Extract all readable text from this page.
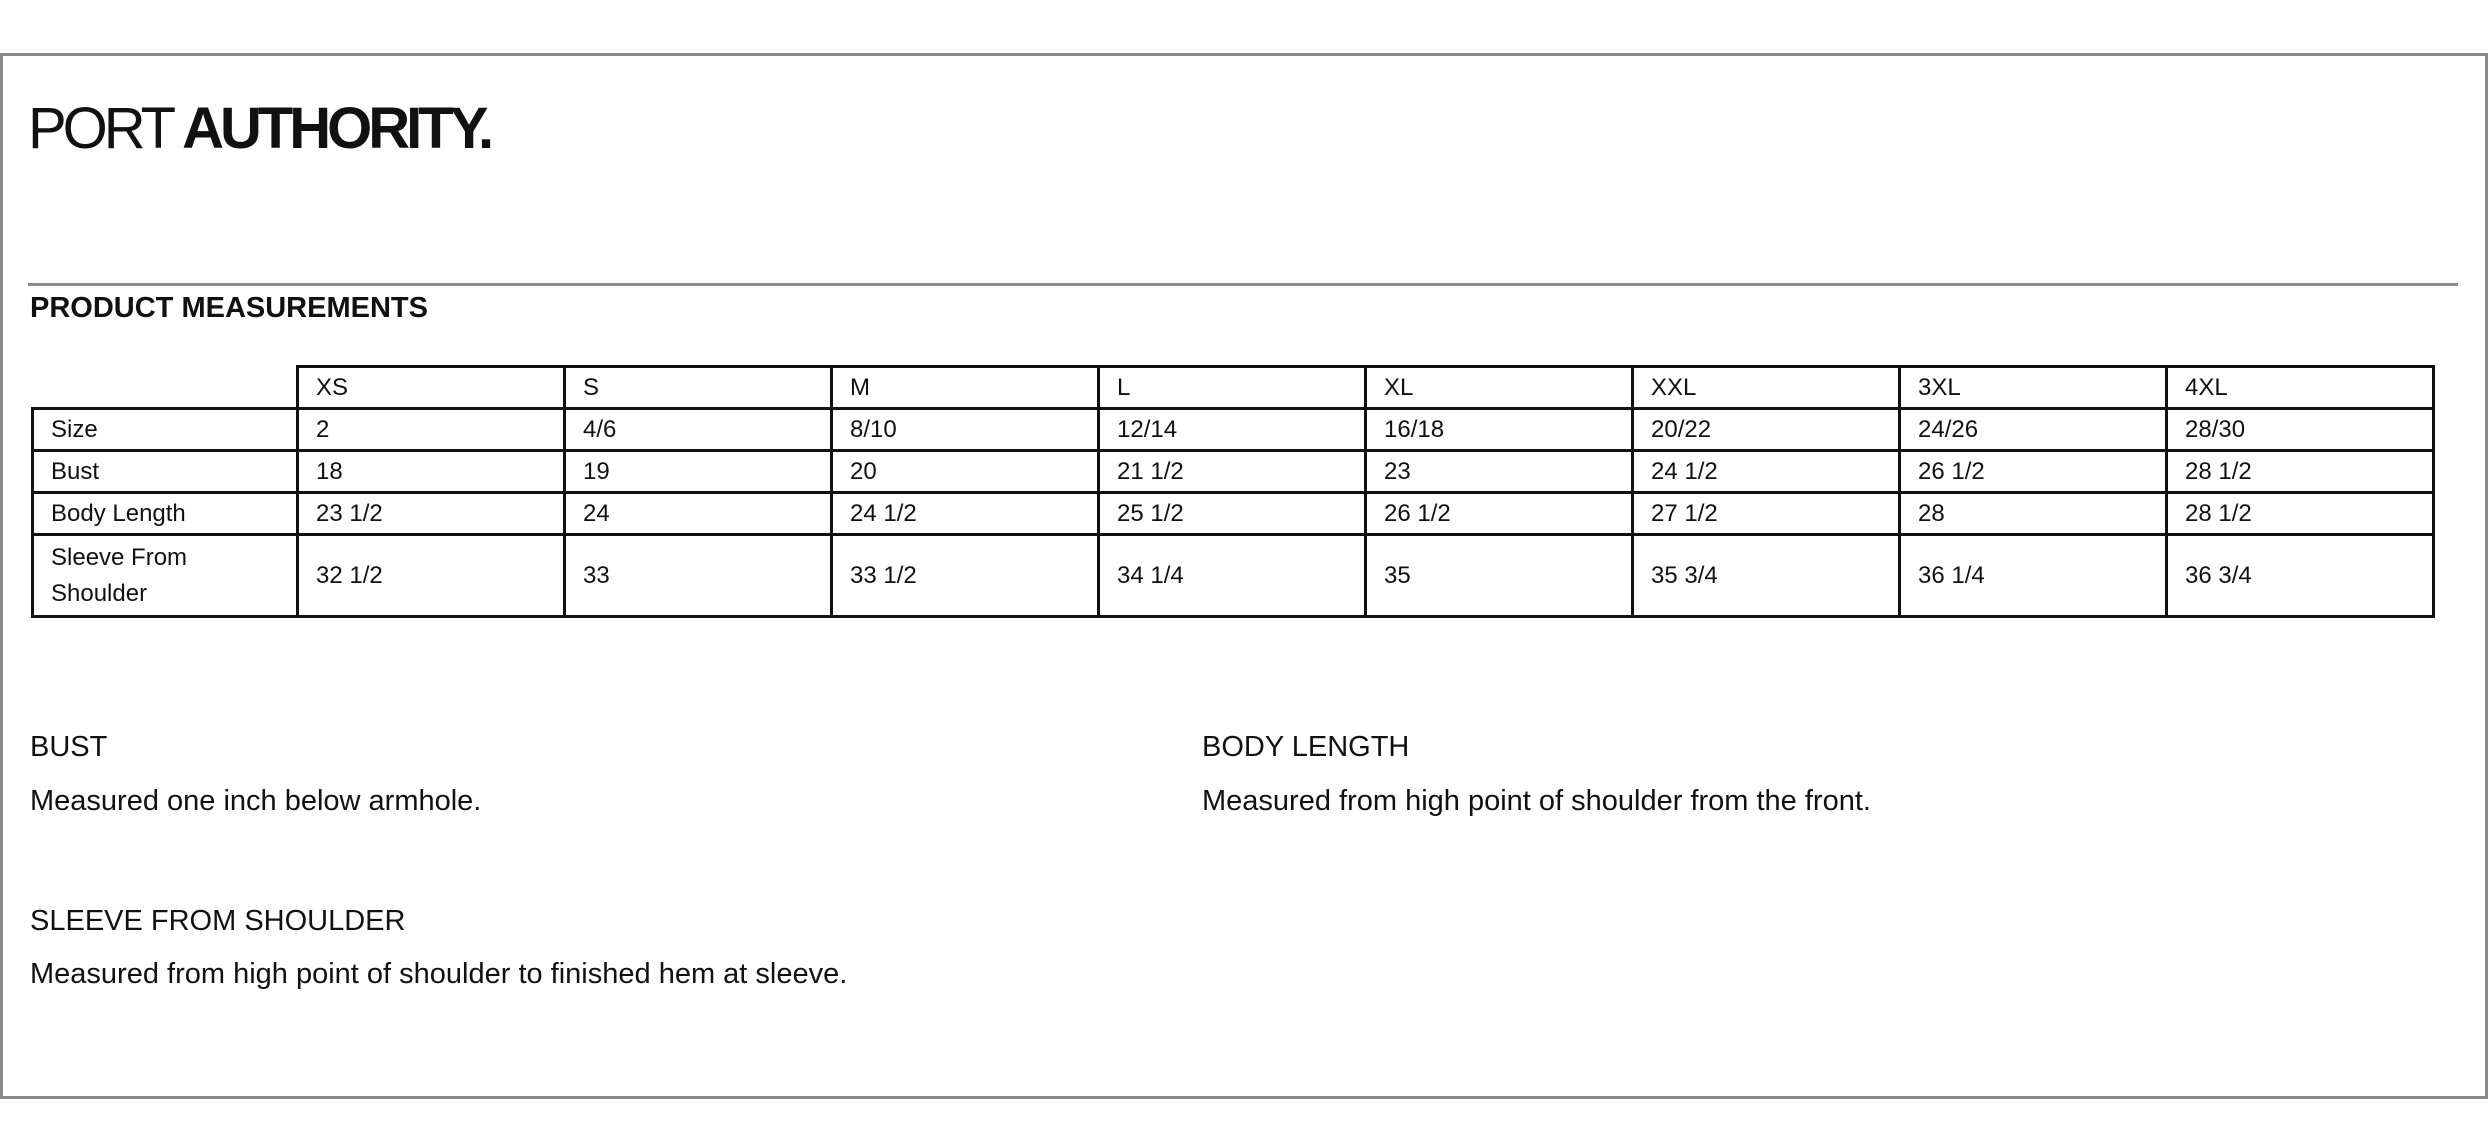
PORT AUTHORITY.
PRODUCT MEASUREMENTS
	XS	S	M	L	XL	XXL	3XL	4XL
Size	2	4/6	8/10	12/14	16/18	20/22	24/26	28/30
Bust	18	19	20	21 1/2	23	24 1/2	26 1/2	28 1/2
Body Length	23 1/2	24	24 1/2	25 1/2	26 1/2	27 1/2	28	28 1/2
Sleeve From Shoulder	32 1/2	33	33 1/2	34 1/4	35	35 3/4	36 1/4	36 3/4
BUST
Measured one inch below armhole.
BODY LENGTH
Measured from high point of shoulder from the front.
SLEEVE FROM SHOULDER
Measured from high point of shoulder to finished hem at sleeve.
